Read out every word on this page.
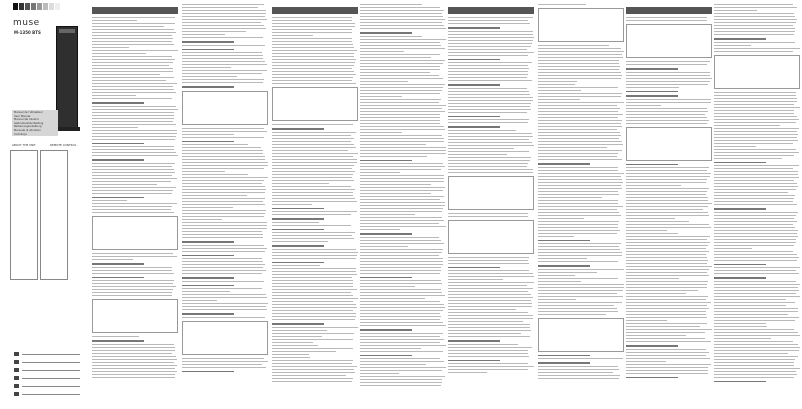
muse
M-1350 BTS
Manuel de l'utilisateur
User Manual
Manual del Usuario
Gebruikershandleiding
Bedienungsanleitung
Manuale di istruzioni
Instrukcja
ABOUT THE UNIT	REMOTE CONTROL
